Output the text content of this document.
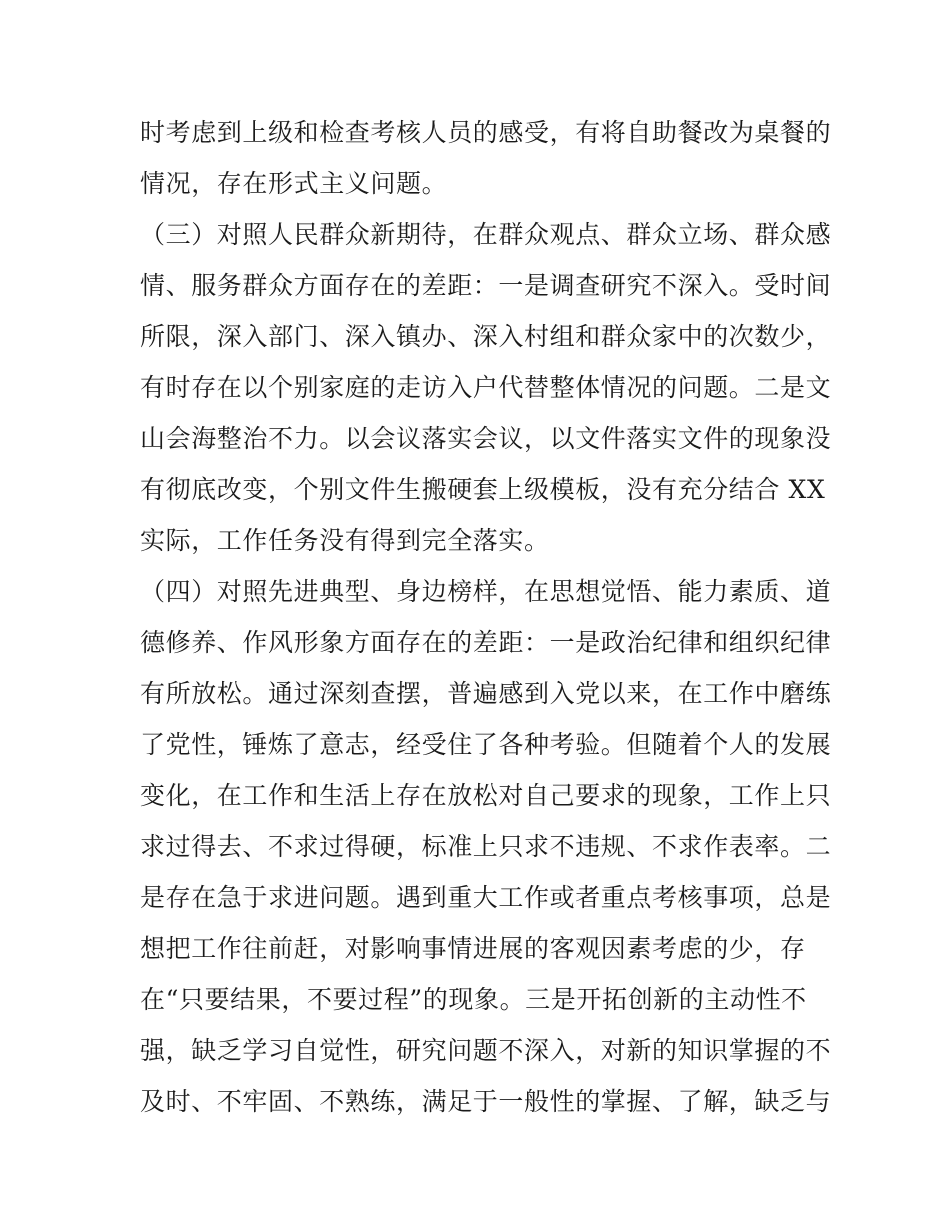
时考虑到上级和检查考核人员的感受，有将自助餐改为桌餐的
情况，存在形式主义问题。
（三）对照人民群众新期待，在群众观点、群众立场、群众感
情、服务群众方面存在的差距：一是调查研究不深入。受时间
所限，深入部门、深入镇办、深入村组和群众家中的次数少，
有时存在以个别家庭的走访入户代替整体情况的问题。二是文
山会海整治不力。以会议落实会议，以文件落实文件的现象没
有彻底改变，个别文件生搬硬套上级模板，没有充分结合 XX
实际，工作任务没有得到完全落实。
（四）对照先进典型、身边榜样，在思想觉悟、能力素质、道
德修养、作风形象方面存在的差距：一是政治纪律和组织纪律
有所放松。通过深刻查摆，普遍感到入党以来，在工作中磨练
了党性，锤炼了意志，经受住了各种考验。但随着个人的发展
变化，在工作和生活上存在放松对自己要求的现象，工作上只
求过得去、不求过得硬，标准上只求不违规、不求作表率。二
是存在急于求进问题。遇到重大工作或者重点考核事项，总是
想把工作往前赶，对影响事情进展的客观因素考虑的少，存
在“只要结果，不要过程”的现象。三是开拓创新的主动性不
强，缺乏学习自觉性，研究问题不深入，对新的知识掌握的不
及时、不牢固、不熟练，满足于一般性的掌握、了解，缺乏与
